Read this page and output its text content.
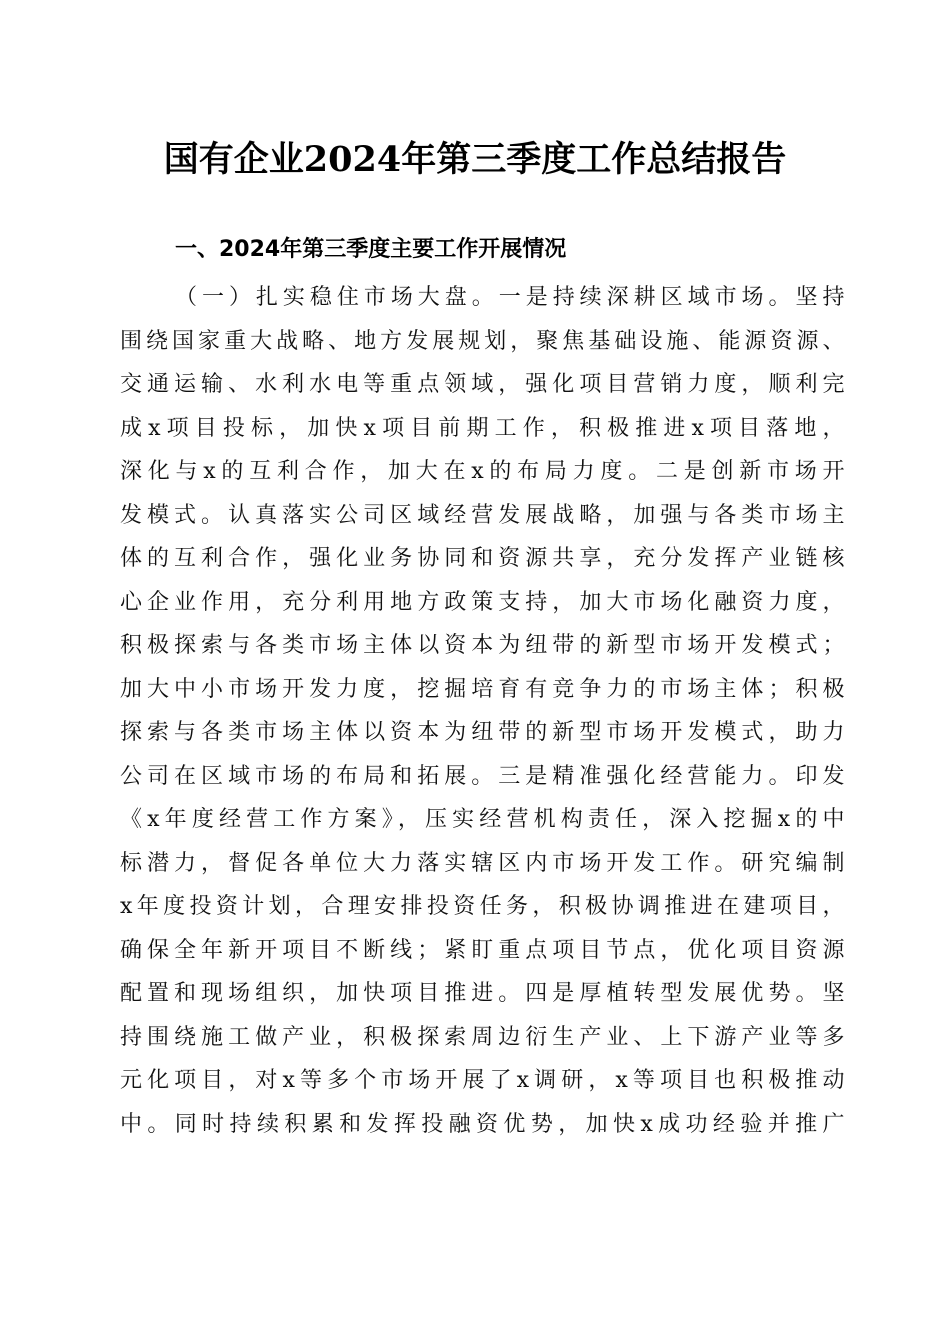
国有企业2024年第三季度工作总结报告
一、2024年第三季度主要工作开展情况
（一）扎实稳住市场大盘。一是持续深耕区域市场。坚持
围绕国家重大战略、地方发展规划，聚焦基础设施、能源资源、
交通运输、水利水电等重点领域，强化项目营销力度，顺利完
成x项目投标，加快x项目前期工作，积极推进x项目落地，
深化与x的互利合作，加大在x的布局力度。二是创新市场开
发模式。认真落实公司区域经营发展战略，加强与各类市场主
体的互利合作，强化业务协同和资源共享，充分发挥产业链核
心企业作用，充分利用地方政策支持，加大市场化融资力度，
积极探索与各类市场主体以资本为纽带的新型市场开发模式；
加大中小市场开发力度，挖掘培育有竞争力的市场主体；积极
探索与各类市场主体以资本为纽带的新型市场开发模式，助力
公司在区域市场的布局和拓展。三是精准强化经营能力。印发
《x年度经营工作方案》，压实经营机构责任，深入挖掘x的中
标潜力，督促各单位大力落实辖区内市场开发工作。研究编制
x年度投资计划，合理安排投资任务，积极协调推进在建项目，
确保全年新开项目不断线；紧盯重点项目节点，优化项目资源
配置和现场组织，加快项目推进。四是厚植转型发展优势。坚
持围绕施工做产业，积极探索周边衍生产业、上下游产业等多
元化项目，对x等多个市场开展了x调研，x等项目也积极推动
中。同时持续积累和发挥投融资优势，加快x成功经验并推广
